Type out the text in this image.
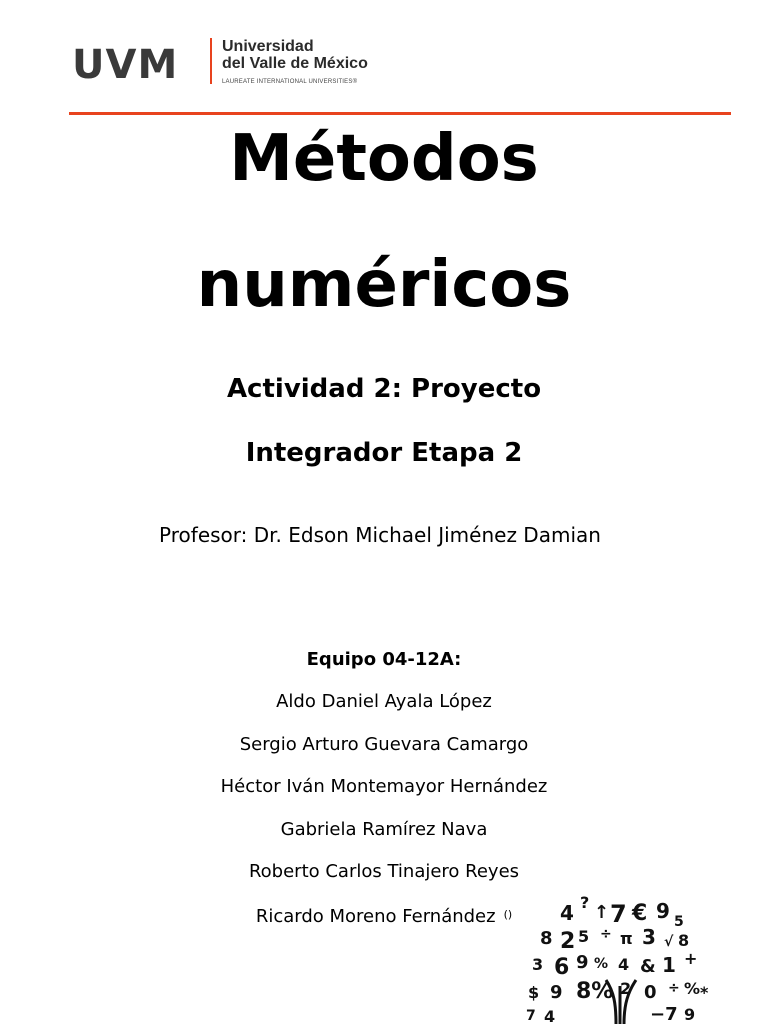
UVM	Universidad
del Valle de México
LAUREATE INTERNATIONAL UNIVERSITIES®
Métodos
numéricos
Actividad 2: Proyecto
Integrador Etapa 2
Profesor: Dr. Edson Michael Jiménez Damian
Equipo 04-12A:
Aldo Daniel Ayala López
Sergio Arturo Guevara Camargo
Héctor Iván Montemayor Hernández
Gabriela Ramírez Nava
Roberto Carlos Tinajero Reyes
Ricardo Moreno Fernández ()	4 ? ↑ 7 € 9 5
8 2 5 ÷ π 3 √ 8
3 6 9 % 4 & 1 +
$ 9 8% 2 0 ÷ % *
7 4	−7 9
